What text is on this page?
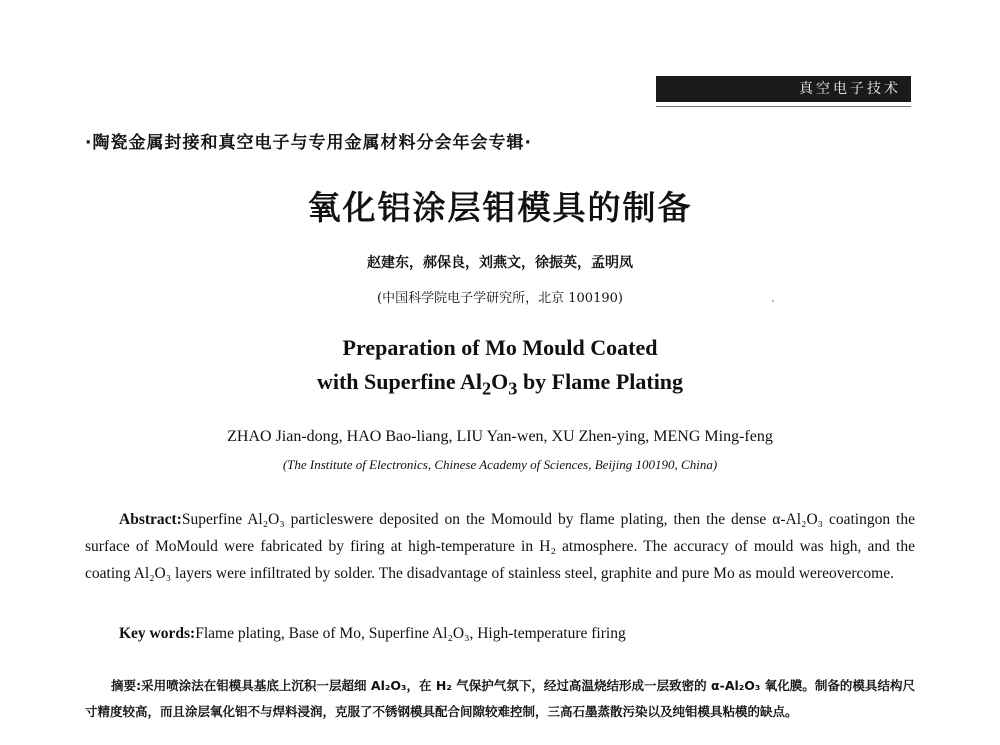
真空电子技术
·陶瓷金属封接和真空电子与专用金属材料分会年会专辑·
氧化铝涂层钼模具的制备
赵建东，郝保良，刘燕文，徐振英，孟明凤
(中国科学院电子学研究所，北京 100190)
Preparation of Mo Mould Coated
with Superfine $Al_2O_3$ by Flame Plating
ZHAO Jian-dong, HAO Bao-liang, LIU Yan-wen, XU Zhen-ying, MENG Ming-feng
(The Institute of Electronics, Chinese Academy of Sciences, Beijing 100190, China)
Abstract:Superfine Al₂O₃ particleswere deposited on the Momould by flame plating, then the dense α-Al₂O₃ coatingon the surface of MoMould were fabricated by firing at high-temperature in H₂ atmosphere. The accuracy of mould was high, and the coating Al₂O₃ layers were infiltrated by solder. The disadvantage of stainless steel, graphite and pure Mo as mould wereovercome.
Key words:Flame plating, Base of Mo, Superfine Al₂O₃, High-temperature firing
摘要:采用喷涂法在钼模具基底上沉积一层超细 Al₂O₃，在 H₂ 气保护气氛下，经过高温烧结形成一层致密的 α-Al₂O₃ 氧化膜。制备的模具结构尺寸精度较高，而且涂层氧化铝不与焊料浸润，克服了不锈钢模具配合间隙较难控制，三高石墨蒸散污染以及纯钼模具粘模的缺点。
